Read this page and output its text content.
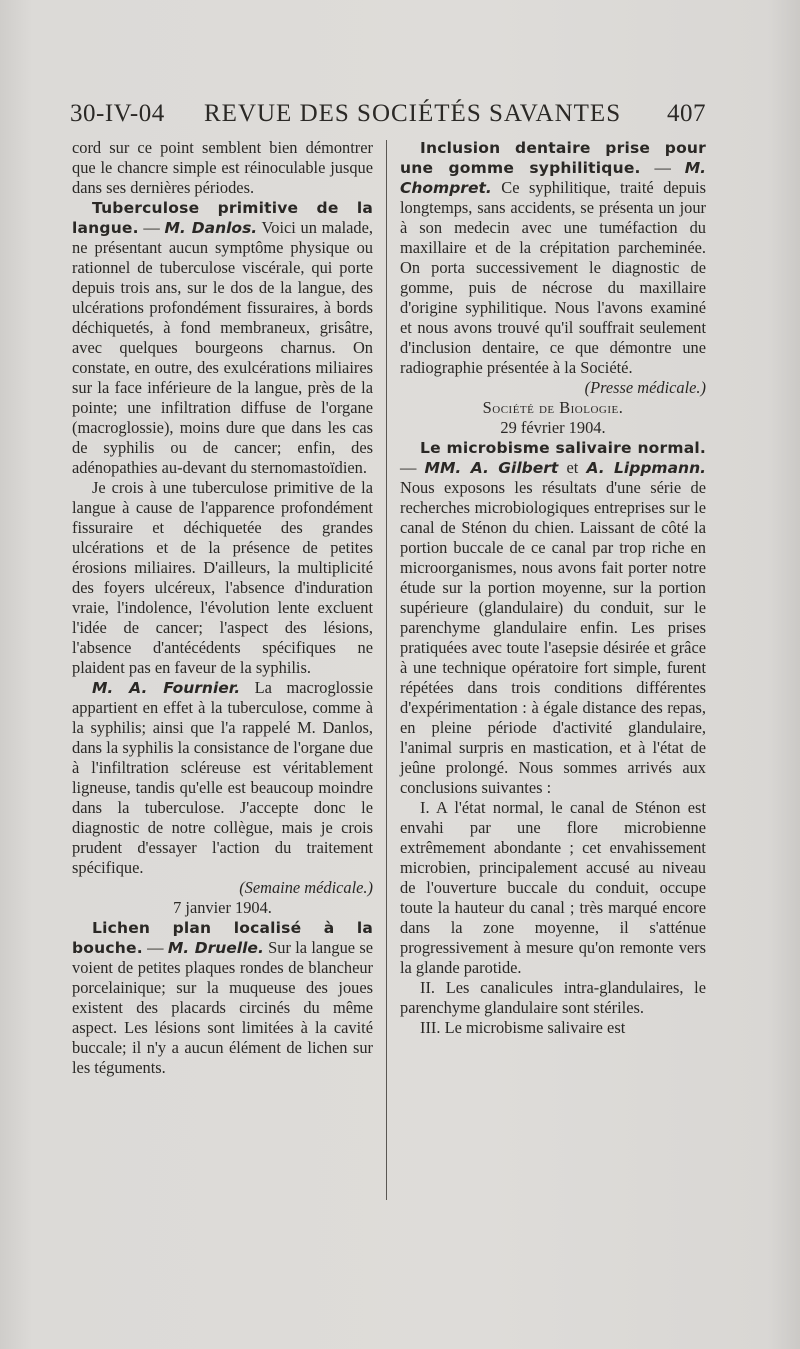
30-IV-04 REVUE DES SOCIÉTÉS SAVANTES 407

cord sur ce point semblent bien démontrer que le chancre simple est réinoculable jusque dans ses dernières périodes.

Tuberculose primitive de la langue. — M. Danlos. Voici un malade, ne présentant aucun symptôme physique ou rationnel de tuberculose viscérale, qui porte depuis trois ans, sur le dos de la langue, des ulcérations profondément fissuraires, à bords déchiquetés, à fond membraneux, grisâtre, avec quelques bourgeons charnus. On constate, en outre, des exulcérations miliaires sur la face inférieure de la langue, près de la pointe; une infiltration diffuse de l'organe (macroglossie), moins dure que dans les cas de syphilis ou de cancer; enfin, des adénopathies au-devant du sternomastoïdien.

Je crois à une tuberculose primitive de la langue à cause de l'apparence profondément fissuraire et déchiquetée des grandes ulcérations et de la présence de petites érosions miliaires. D'ailleurs, la multiplicité des foyers ulcéreux, l'absence d'induration vraie, l'indolence, l'évolution lente excluent l'idée de cancer; l'aspect des lésions, l'absence d'antécédents spécifiques ne plaident pas en faveur de la syphilis.

M. A. Fournier. La macroglossie appartient en effet à la tuberculose, comme à la syphilis; ainsi que l'a rappelé M. Danlos, dans la syphilis la consistance de l'organe due à l'infiltration scléreuse est véritablement ligneuse, tandis qu'elle est beaucoup moindre dans la tuberculose. J'accepte donc le diagnostic de notre collègue, mais je crois prudent d'essayer l'action du traitement spécifique.

(Semaine médicale.)

7 janvier 1904.

Lichen plan localisé à la bouche. — M. Druelle. Sur la langue se voient de petites plaques rondes de blancheur porcelainique; sur la muqueuse des joues existent des placards circinés du même aspect. Les lésions sont limitées à la cavité buccale; il n'y a aucun élément de lichen sur les téguments.

Inclusion dentaire prise pour une gomme syphilitique. — M. Chompret. Ce syphilitique, traité depuis longtemps, sans accidents, se présenta un jour à son medecin avec une tuméfaction du maxillaire et de la crépitation parcheminée. On porta successivement le diagnostic de gomme, puis de nécrose du maxillaire d'origine syphilitique. Nous l'avons examiné et nous avons trouvé qu'il souffrait seulement d'inclusion dentaire, ce que démontre une radiographie présentée à la Société.

(Presse médicale.)

Société de Biologie.

29 février 1904.

Le microbisme salivaire normal. — MM. A. Gilbert et A. Lippmann. Nous exposons les résultats d'une série de recherches microbiologiques entreprises sur le canal de Sténon du chien. Laissant de côté la portion buccale de ce canal par trop riche en microorganismes, nous avons fait porter notre étude sur la portion moyenne, sur la portion supérieure (glandulaire) du conduit, sur le parenchyme glandulaire enfin. Les prises pratiquées avec toute l'asepsie désirée et grâce à une technique opératoire fort simple, furent répétées dans trois conditions différentes d'expérimentation : à égale distance des repas, en pleine période d'activité glandulaire, l'animal surpris en mastication, et à l'état de jeûne prolongé. Nous sommes arrivés aux conclusions suivantes :

I. A l'état normal, le canal de Sténon est envahi par une flore microbienne extrêmement abondante ; cet envahissement microbien, principalement accusé au niveau de l'ouverture buccale du conduit, occupe toute la hauteur du canal ; très marqué encore dans la zone moyenne, il s'atténue progressivement à mesure qu'on remonte vers la glande parotide.

II. Les canalicules intra-glandulaires, le parenchyme glandulaire sont stériles.

III. Le microbisme salivaire est
